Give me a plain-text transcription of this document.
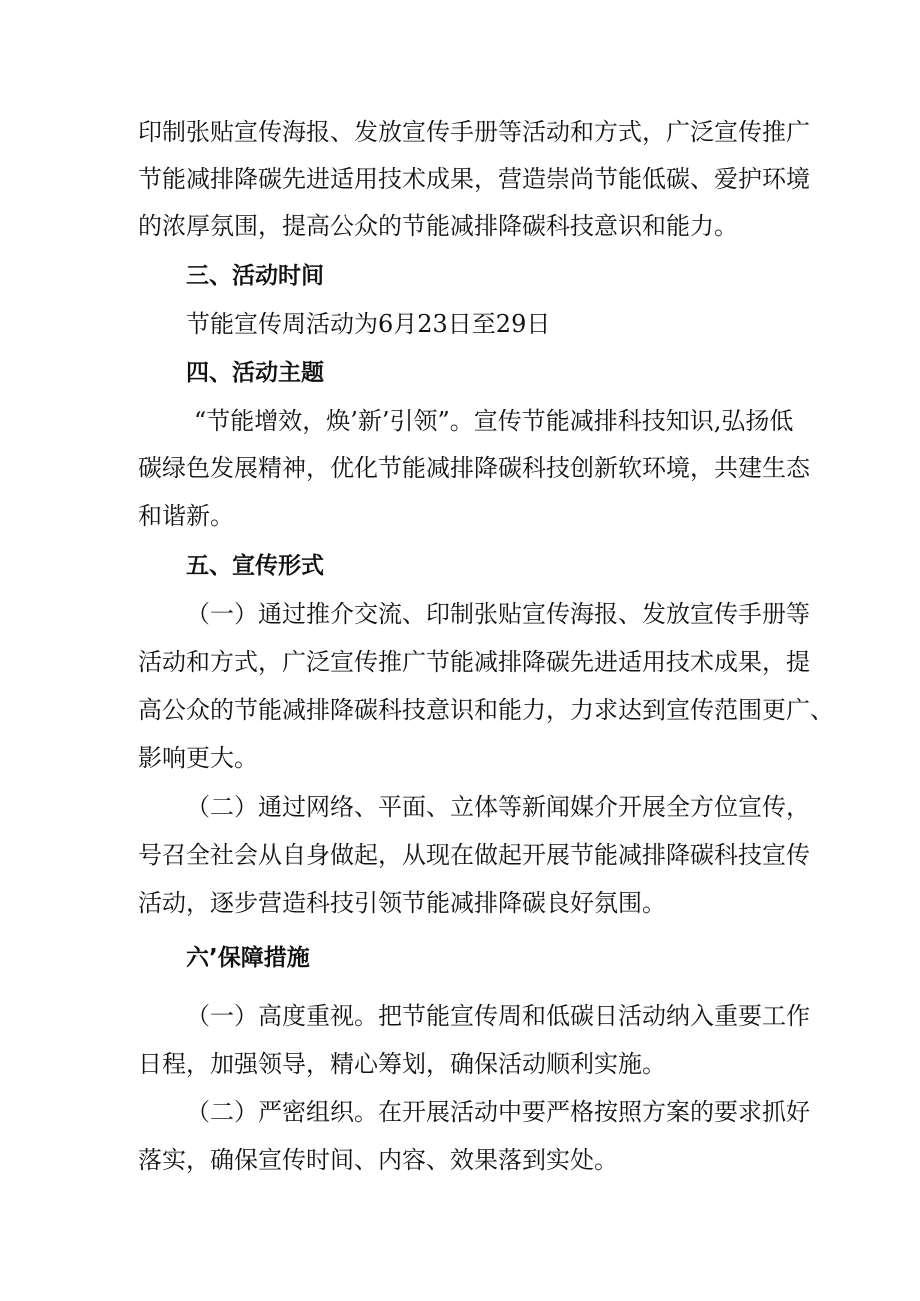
印制张贴宣传海报、发放宣传手册等活动和方式，广泛宣传推广
节能减排降碳先进适用技术成果，营造崇尚节能低碳、爱护环境
的浓厚氛围，提高公众的节能减排降碳科技意识和能力。
三、活动时间
节能宣传周活动为6月23日至29日
四、活动主题
“节能增效，焕’新’引领”。宣传节能减排科技知识,弘扬低
碳绿色发展精神，优化节能减排降碳科技创新软环境，共建生态
和谐新。
五、宣传形式
（一）通过推介交流、印制张贴宣传海报、发放宣传手册等
活动和方式，广泛宣传推广节能减排降碳先进适用技术成果，提
高公众的节能减排降碳科技意识和能力，力求达到宣传范围更广、
影响更大。
（二）通过网络、平面、立体等新闻媒介开展全方位宣传，
号召全社会从自身做起，从现在做起开展节能减排降碳科技宣传
活动，逐步营造科技引领节能减排降碳良好氛围。
六’保障措施
（一）高度重视。把节能宣传周和低碳日活动纳入重要工作
日程，加强领导，精心筹划，确保活动顺利实施。
（二）严密组织。在开展活动中要严格按照方案的要求抓好
落实，确保宣传时间、内容、效果落到实处。
